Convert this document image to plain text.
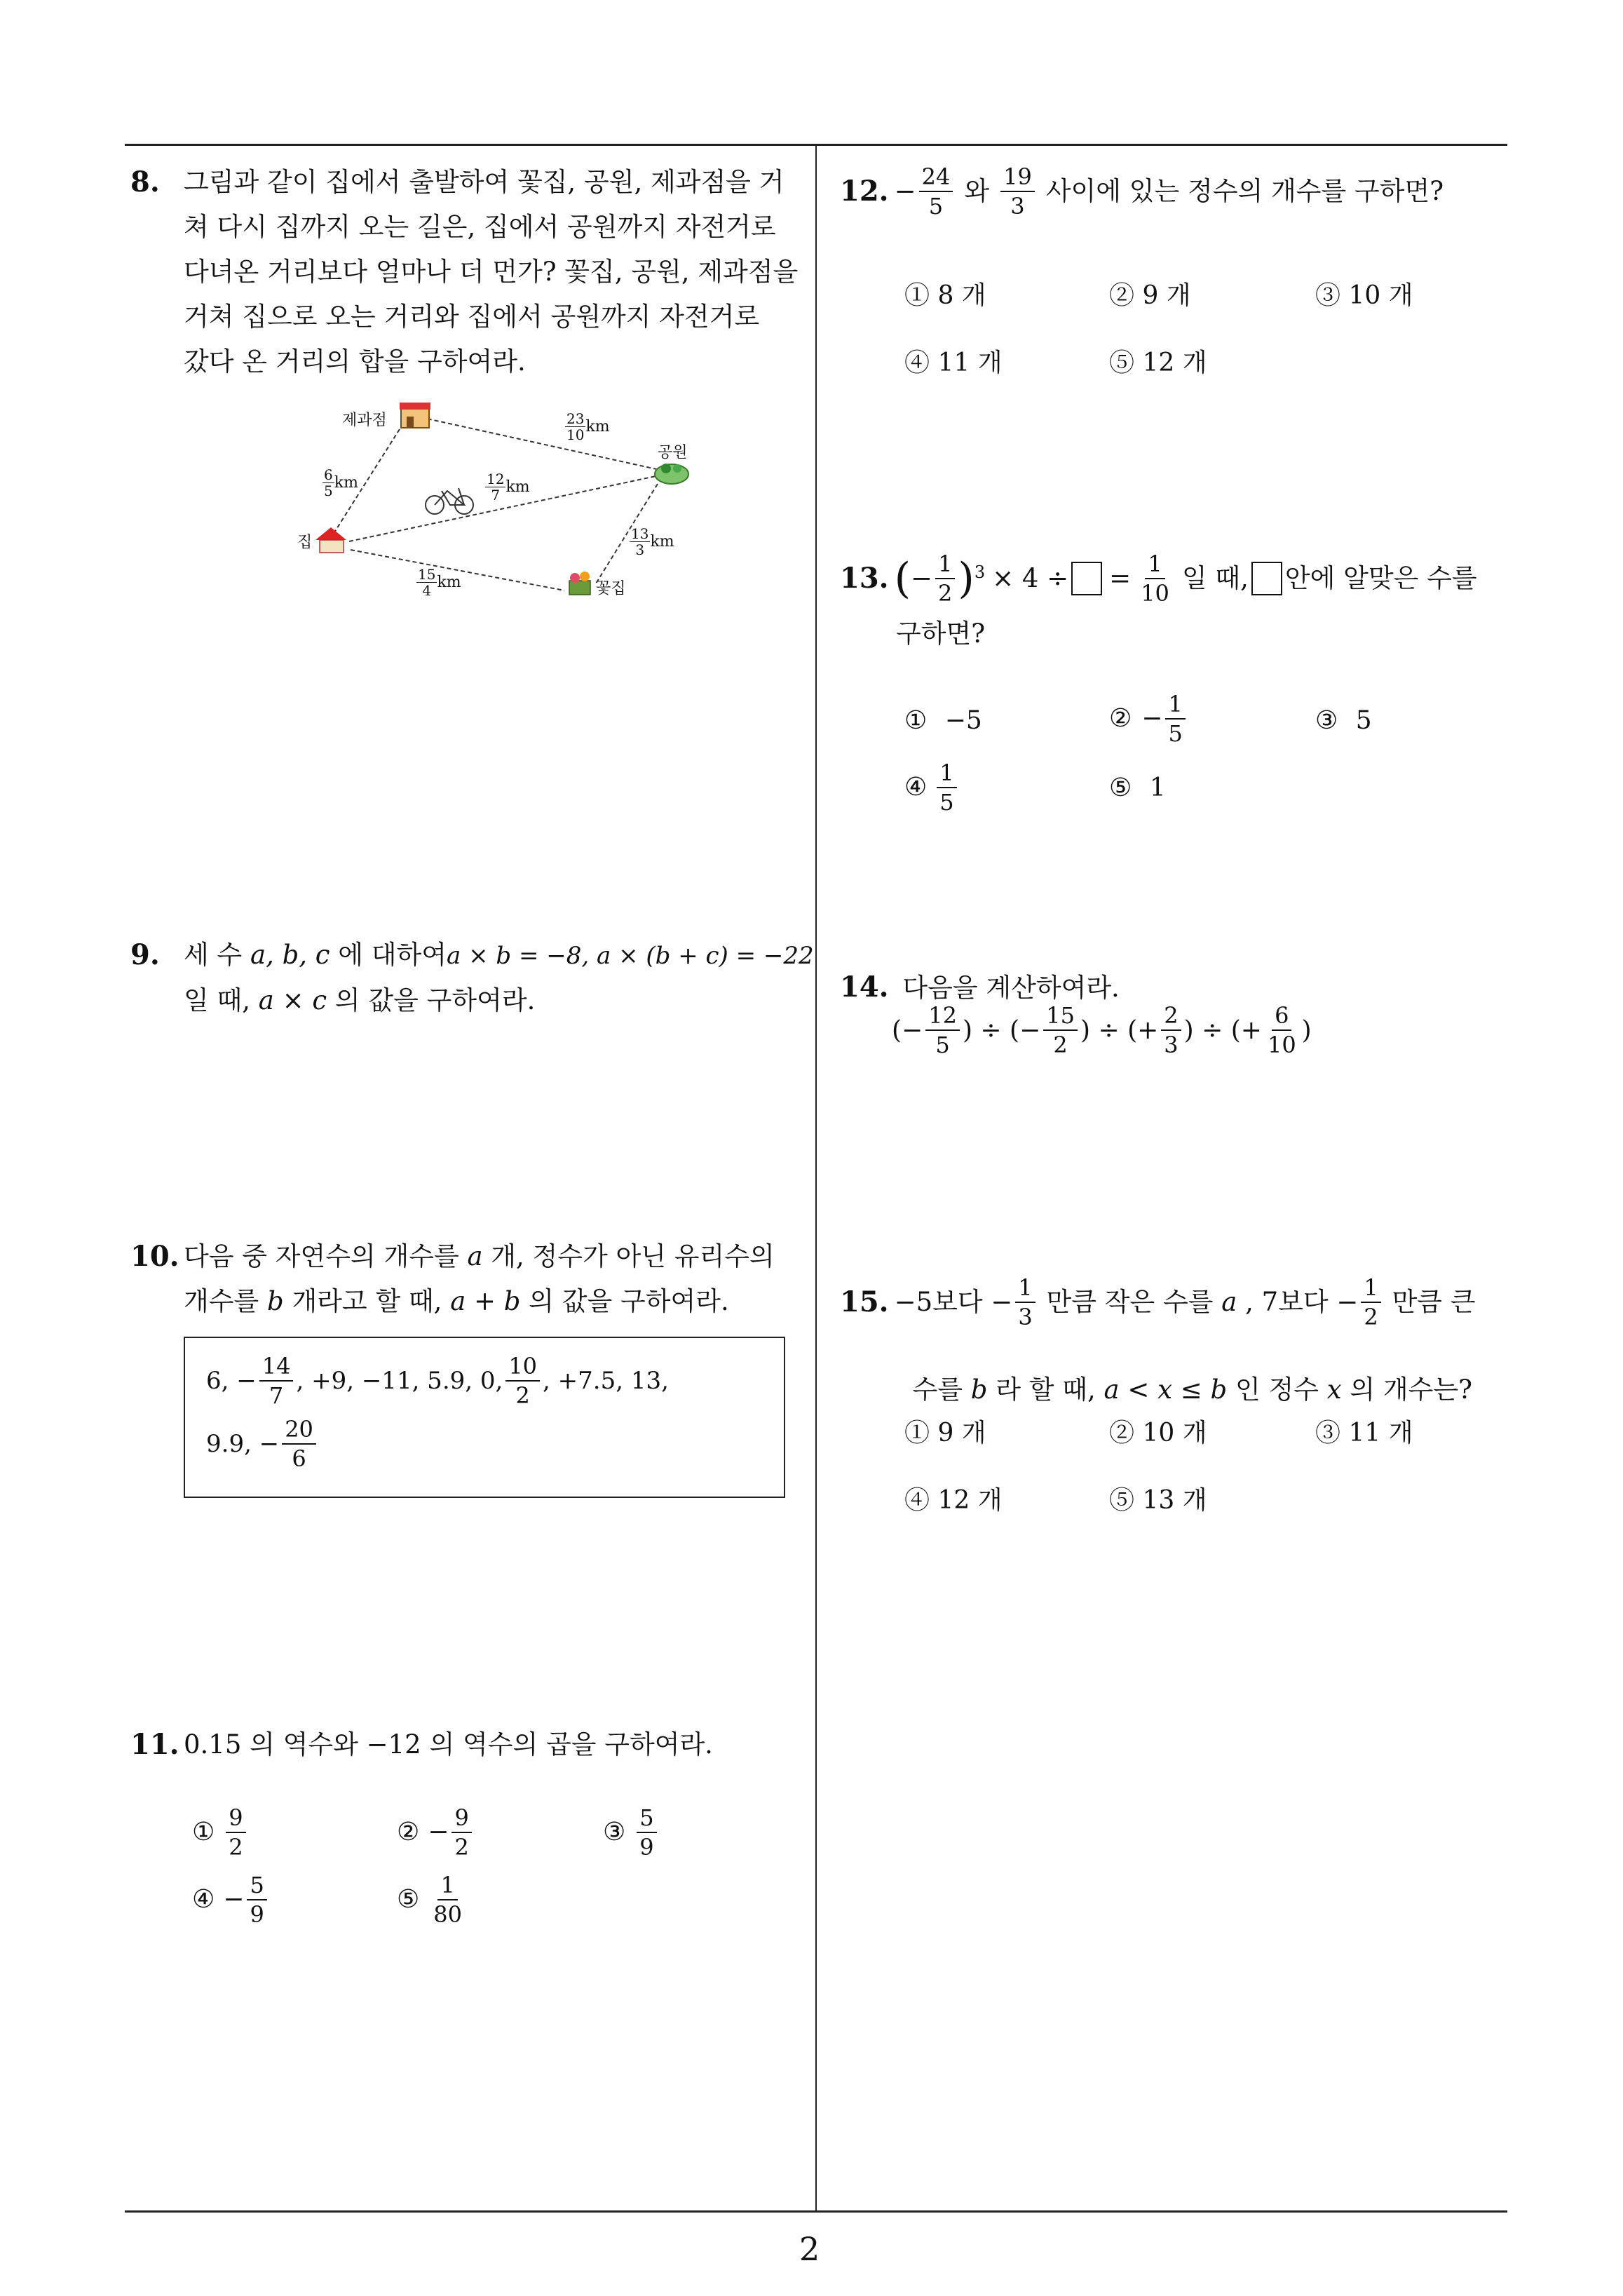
2
8. 그림과 같이 집에서 출발하여 꽃집, 공원, 제과점을 거
쳐 다시 집까지 오는 길은, 집에서 공원까지 자전거로
다녀온 거리보다 얼마나 더 먼가? 꽃집, 공원, 제과점을
거쳐 집으로 오는 거리와 집에서 공원까지 자전거로
갔다 온 거리의 합을 구하여라.
제과점
공원
집
꽃집
$\frac{23}{10}$ km
$\frac{6}{5}$ km	$\frac{12}{7}$ km
$\frac{13}{3}$ km
$\frac{15}{4}$ km
9. 세 수 a, b, c 에 대하여a × b = −8, a × (b + c) = −22
일 때, a × c 의 값을 구하여라.
10. 다음 중 자연수의 개수를 a 개, 정수가 아닌 유리수의
개수를 b 개라고 할 때, a + b 의 값을 구하여라.
6, − $\frac{14}{7}$ , +9, −11, 5.9, 0, $\frac{10}{2}$ , +7.5, 13,
9.9, − $\frac{20}{6}$
11. 0.15 의 역수와 −12 의 역수의 곱을 구하여라.
① $\frac{9}{2}$	② − $\frac{9}{2}$	③ $\frac{5}{9}$
④ − $\frac{5}{9}$	⑤ $\frac{1}{80}$
12. − $\frac{24}{5}$ 와 $\frac{19}{3}$ 사이에 있는 정수의 개수를 구하면?
① 8 개	② 9 개	③ 10 개
④ 11 개	⑤ 12 개
13. ( − $\frac{1}{2} )^3 \times 4$ ÷ = $\frac{1}{10}$ 일 때, 안에 알맞은 수를
구하면?
① −5	② − $\frac{1}{5}$	③ 5
④ $\frac{1}{5}$	⑤ 1
14. 다음을 계산하여라.
(− $\frac{12}{5}$ ) ÷ (− $\frac{15}{2}$ ) ÷ (+ $\frac{2}{3}$ ) ÷ (+ $\frac{6}{10}$ )
15. −5보다 − $\frac{1}{3}$ 만큼 작은 수를 a , 7보다 − $\frac{1}{2}$ 만큼 큰

수를 b 라 할 때, a < x ≤ b 인 정수 x 의 개수는?

① 9 개	② 10 개	③ 11 개
④ 12 개	⑤ 13 개
